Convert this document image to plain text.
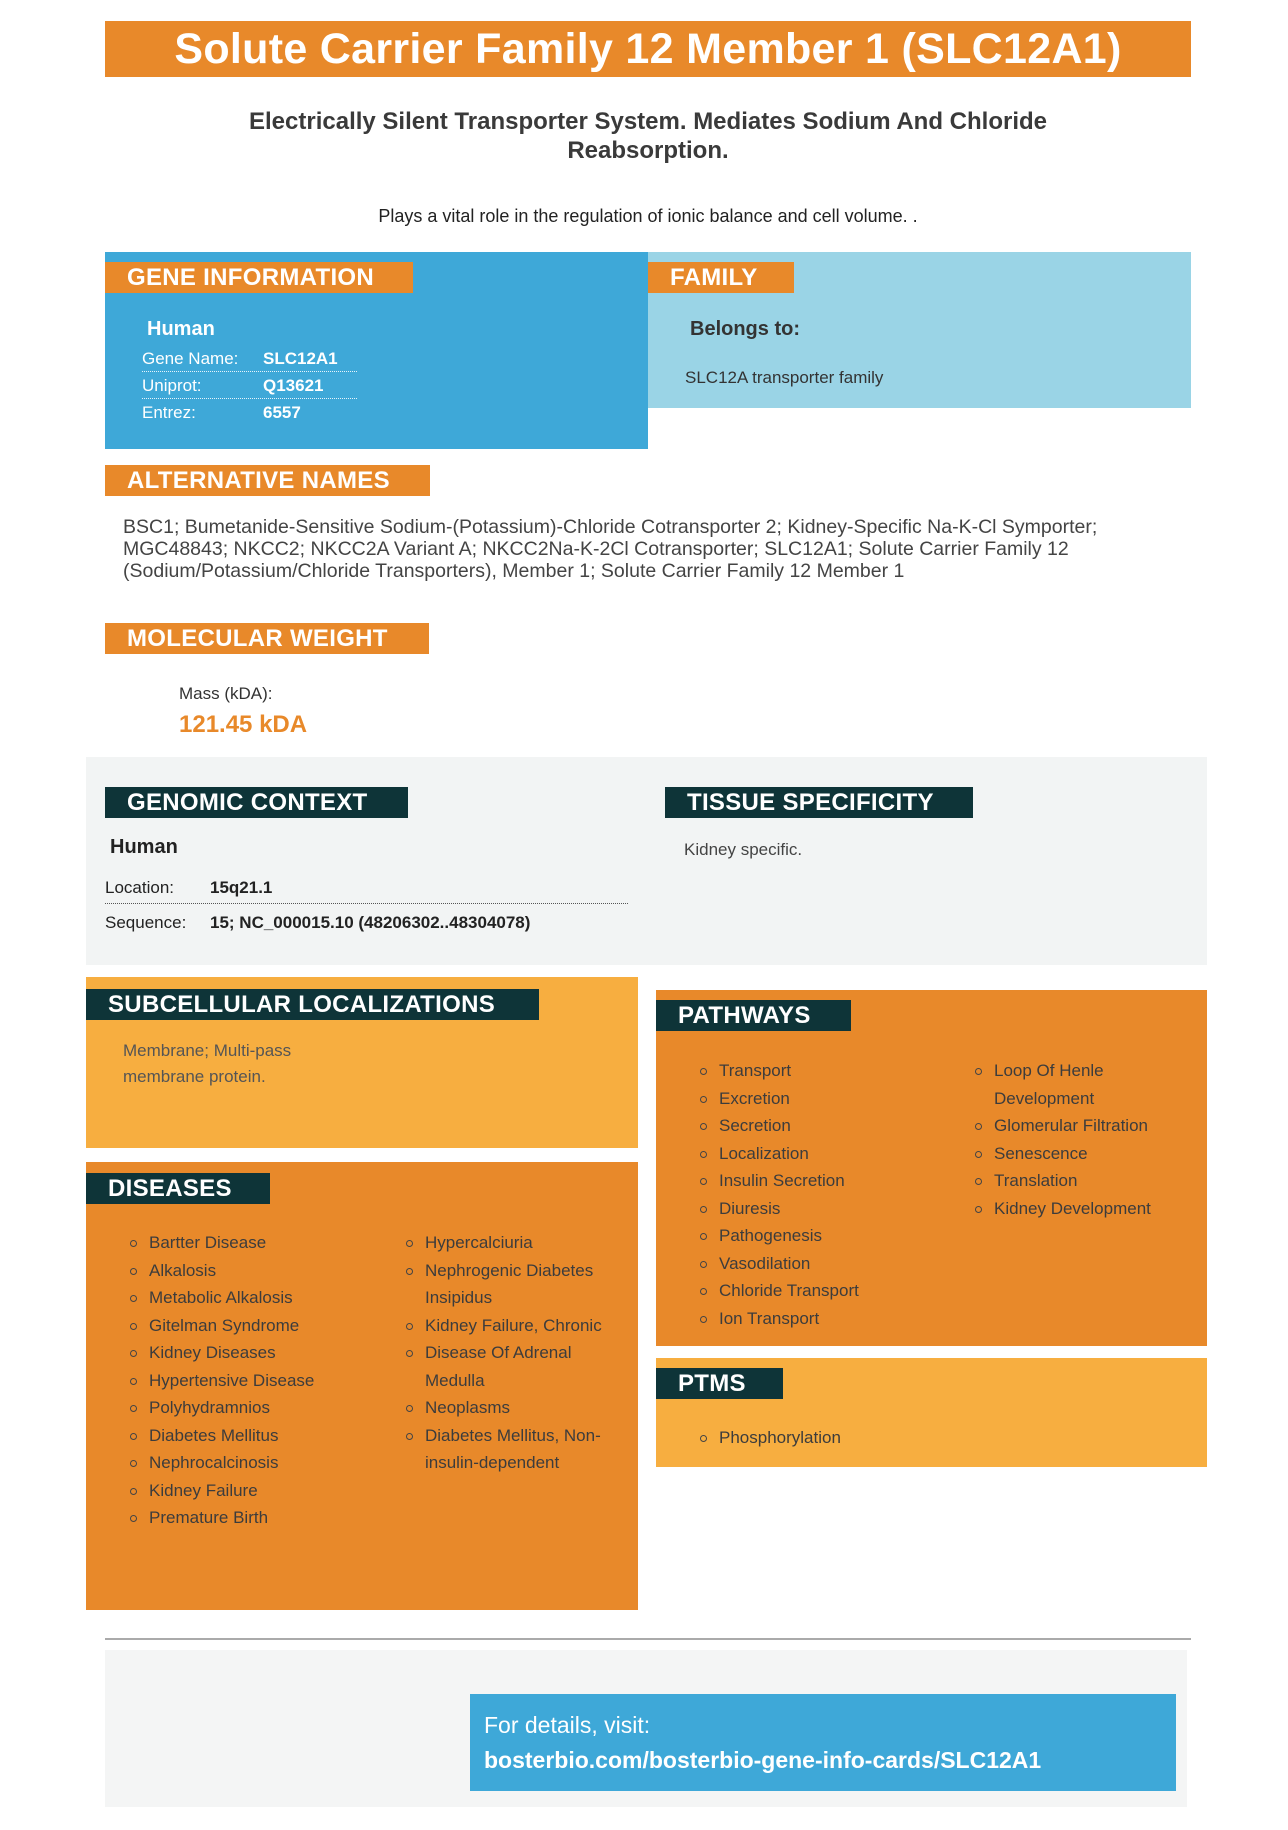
Solute Carrier Family 12 Member 1 (SLC12A1)
Electrically Silent Transporter System. Mediates Sodium And Chloride Reabsorption.
Plays a vital role in the regulation of ionic balance and cell volume. .
GENE INFORMATION
Human
Gene Name: SLC12A1
Uniprot:	Q13621
Entrez:	6557
FAMILY
Belongs to:
SLC12A transporter family
ALTERNATIVE NAMES
BSC1; Bumetanide-Sensitive Sodium-(Potassium)-Chloride Cotransporter 2; Kidney-Specific Na-K-Cl Symporter; MGC48843; NKCC2; NKCC2A Variant A; NKCC2Na-K-2Cl Cotransporter; SLC12A1; Solute Carrier Family 12 (Sodium/Potassium/Chloride Transporters), Member 1; Solute Carrier Family 12 Member 1
MOLECULAR WEIGHT
Mass (kDA):
121.45 kDA
GENOMIC CONTEXT
Human
Location: 15q21.1
Sequence: 15; NC_000015.10 (48206302..48304078)
TISSUE SPECIFICITY
Kidney specific.
SUBCELLULAR LOCALIZATIONS
Membrane; Multi-pass membrane protein.
DISEASES
Bartter Disease
Alkalosis
Metabolic Alkalosis
Gitelman Syndrome
Kidney Diseases
Hypertensive Disease
Polyhydramnios
Diabetes Mellitus
Nephrocalcinosis
Kidney Failure
Premature Birth
Hypercalciuria
Nephrogenic Diabetes Insipidus
Kidney Failure, Chronic
Disease Of Adrenal Medulla
Neoplasms
Diabetes Mellitus, Non-insulin-dependent
PATHWAYS
Transport
Excretion
Secretion
Localization
Insulin Secretion
Diuresis
Pathogenesis
Vasodilation
Chloride Transport
Ion Transport
Loop Of Henle Development
Glomerular Filtration
Senescence
Translation
Kidney Development
PTMS
Phosphorylation
For details, visit:
bosterbio.com/bosterbio-gene-info-cards/SLC12A1
